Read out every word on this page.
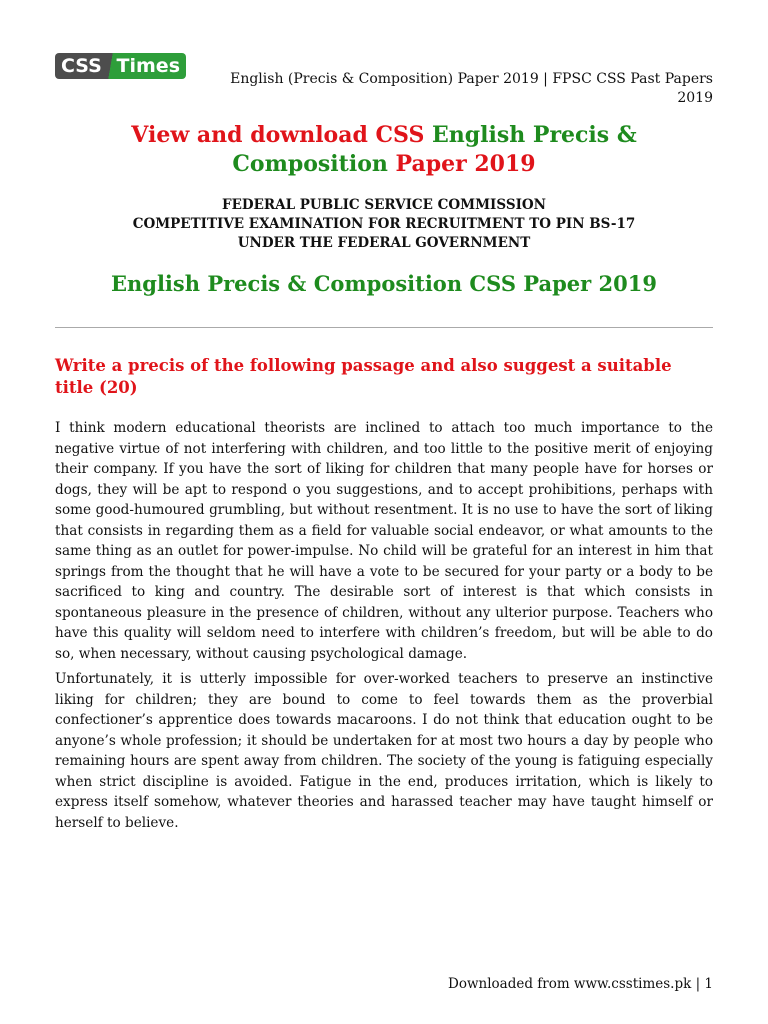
CSS Times
English (Precis & Composition) Paper 2019 | FPSC CSS Past Papers 2019
View and download CSS English Precis & Composition Paper 2019
FEDERAL PUBLIC SERVICE COMMISSION
COMPETITIVE EXAMINATION FOR RECRUITMENT TO PIN BS-17
UNDER THE FEDERAL GOVERNMENT
English Precis & Composition CSS Paper 2019
Write a precis of the following passage and also suggest a suitable title (20)

I think modern educational theorists are inclined to attach too much importance to the negative virtue of not interfering with children, and too little to the positive merit of enjoying their company. If you have the sort of liking for children that many people have for horses or dogs, they will be apt to respond o you suggestions, and to accept prohibitions, perhaps with some good-humoured grumbling, but without resentment. It is no use to have the sort of liking that consists in regarding them as a field for valuable social endeavor, or what amounts to the same thing as an outlet for power-impulse. No child will be grateful for an interest in him that springs from the thought that he will have a vote to be secured for your party or a body to be sacrificed to king and country. The desirable sort of interest is that which consists in spontaneous pleasure in the presence of children, without any ulterior purpose. Teachers who have this quality will seldom need to interfere with children’s freedom, but will be able to do so, when necessary, without causing psychological damage.

Unfortunately, it is utterly impossible for over-worked teachers to preserve an instinctive liking for children; they are bound to come to feel towards them as the proverbial confectioner’s apprentice does towards macaroons. I do not think that education ought to be anyone’s whole profession; it should be undertaken for at most two hours a day by people who remaining hours are spent away from children. The society of the young is fatiguing especially when strict discipline is avoided. Fatigue in the end, produces irritation, which is likely to express itself somehow, whatever theories and harassed teacher may have taught himself or herself to believe.

Downloaded from www.csstimes.pk | 1
